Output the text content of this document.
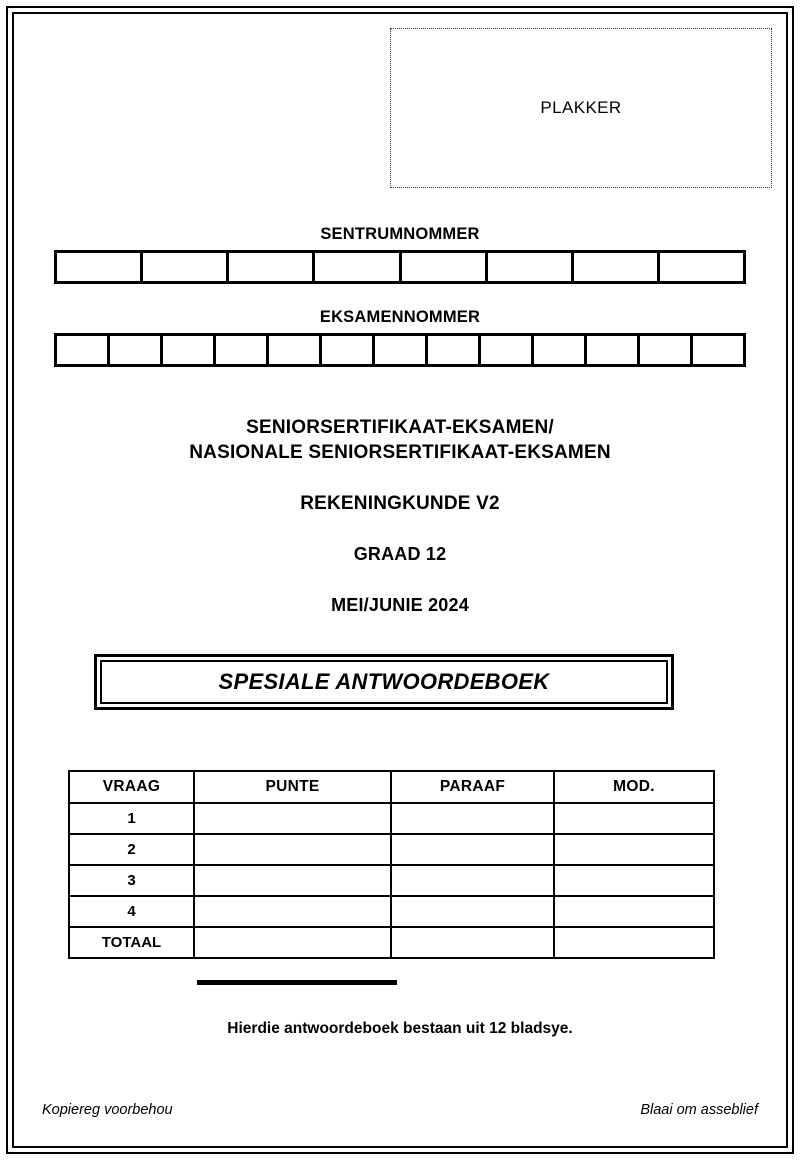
PLAKKER
SENTRUMNOMMER
EKSAMENNOMMER
SENIORSERTIFIKAAT-EKSAMEN/
NASIONALE SENIORSERTIFIKAAT-EKSAMEN
REKENINGKUNDE V2
GRAAD 12
MEI/JUNIE 2024
SPESIALE ANTWOORDEBOEK
VRAAG	PUNTE	PARAAF	MOD.
1			
2			
3			
4			
TOTAAL			
Hierdie antwoordeboek bestaan uit 12 bladsye.
Kopiereg voorbehou	Blaai om asseblief
